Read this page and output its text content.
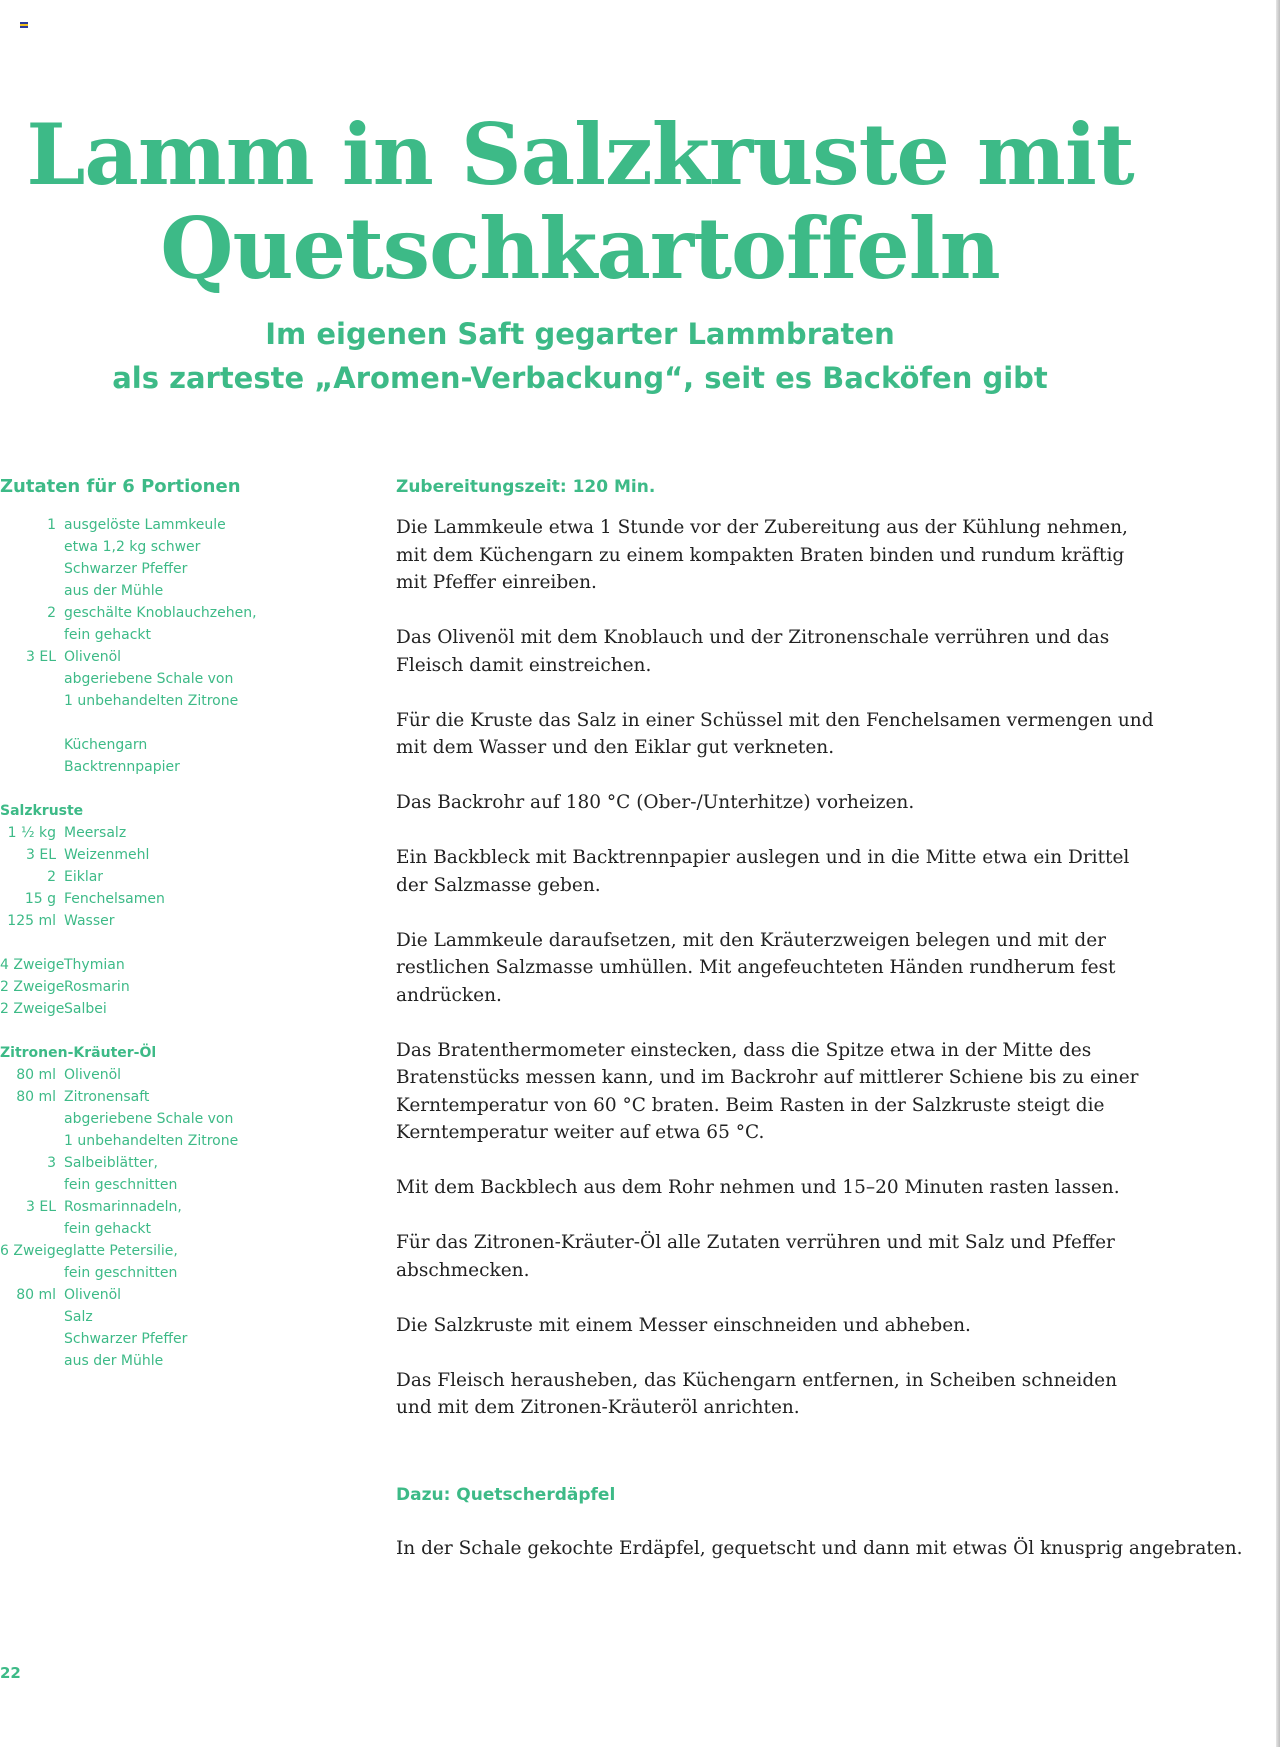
Lamm in Salzkruste mit
Quetschkartoffeln
Im eigenen Saft gegarter Lammbraten
als zarteste „Aromen-Verbackung“, seit es Backöfen gibt
Zutaten für 6 Portionen
1 ausgelöste Lammkeule
etwa 1,2 kg schwer
Schwarzer Pfeffer
aus der Mühle
2 geschälte Knoblauchzehen,
fein gehackt
3 EL Olivenöl
abgeriebene Schale von
1 unbehandelten Zitrone
Küchengarn
Backtrennpapier
Salzkruste
1 ½ kg Meersalz
3 EL Weizenmehl
2 Eiklar
15 g Fenchelsamen
125 ml Wasser
4 Zweige Thymian
2 Zweige Rosmarin
2 Zweige Salbei
Zitronen-Kräuter-Öl
80 ml Olivenöl
80 ml Zitronensaft
abgeriebene Schale von
1 unbehandelten Zitrone
3 Salbeiblätter,
fein geschnitten
3 EL Rosmarinnadeln,
fein gehackt
6 Zweige glatte Petersilie,
fein geschnitten
80 ml Olivenöl
Salz
Schwarzer Pfeffer
aus der Mühle
Zubereitungszeit: 120 Min.

Die Lammkeule etwa 1 Stunde vor der Zubereitung aus der Kühlung nehmen, mit dem Küchengarn zu einem kompakten Braten binden und rundum kräftig mit Pfeffer einreiben.

Das Olivenöl mit dem Knoblauch und der Zitronenschale verrühren und das Fleisch damit einstreichen.

Für die Kruste das Salz in einer Schüssel mit den Fenchelsamen vermengen und mit dem Wasser und den Eiklar gut verkneten.

Das Backrohr auf 180 °C (Ober-/Unterhitze) vorheizen.

Ein Backbleck mit Backtrennpapier auslegen und in die Mitte etwa ein Drittel der Salzmasse geben.

Die Lammkeule daraufsetzen, mit den Kräuterzweigen belegen und mit der restlichen Salzmasse umhüllen. Mit angefeuchteten Händen rundherum fest andrücken.

Das Bratenthermometer einstecken, dass die Spitze etwa in der Mitte des Bratenstücks messen kann, und im Backrohr auf mittlerer Schiene bis zu einer Kerntemperatur von 60 °C braten. Beim Rasten in der Salzkruste steigt die Kerntemperatur weiter auf etwa 65 °C.

Mit dem Backblech aus dem Rohr nehmen und 15–20 Minuten rasten lassen.

Für das Zitronen-Kräuter-Öl alle Zutaten verrühren und mit Salz und Pfeffer abschmecken.

Die Salzkruste mit einem Messer einschneiden und abheben.

Das Fleisch herausheben, das Küchengarn entfernen, in Scheiben schneiden und mit dem Zitronen-Kräuteröl anrichten.

Dazu: Quetscherdäpfel

In der Schale gekochte Erdäpfel, gequetscht und dann mit etwas Öl knusprig angebraten.

22
